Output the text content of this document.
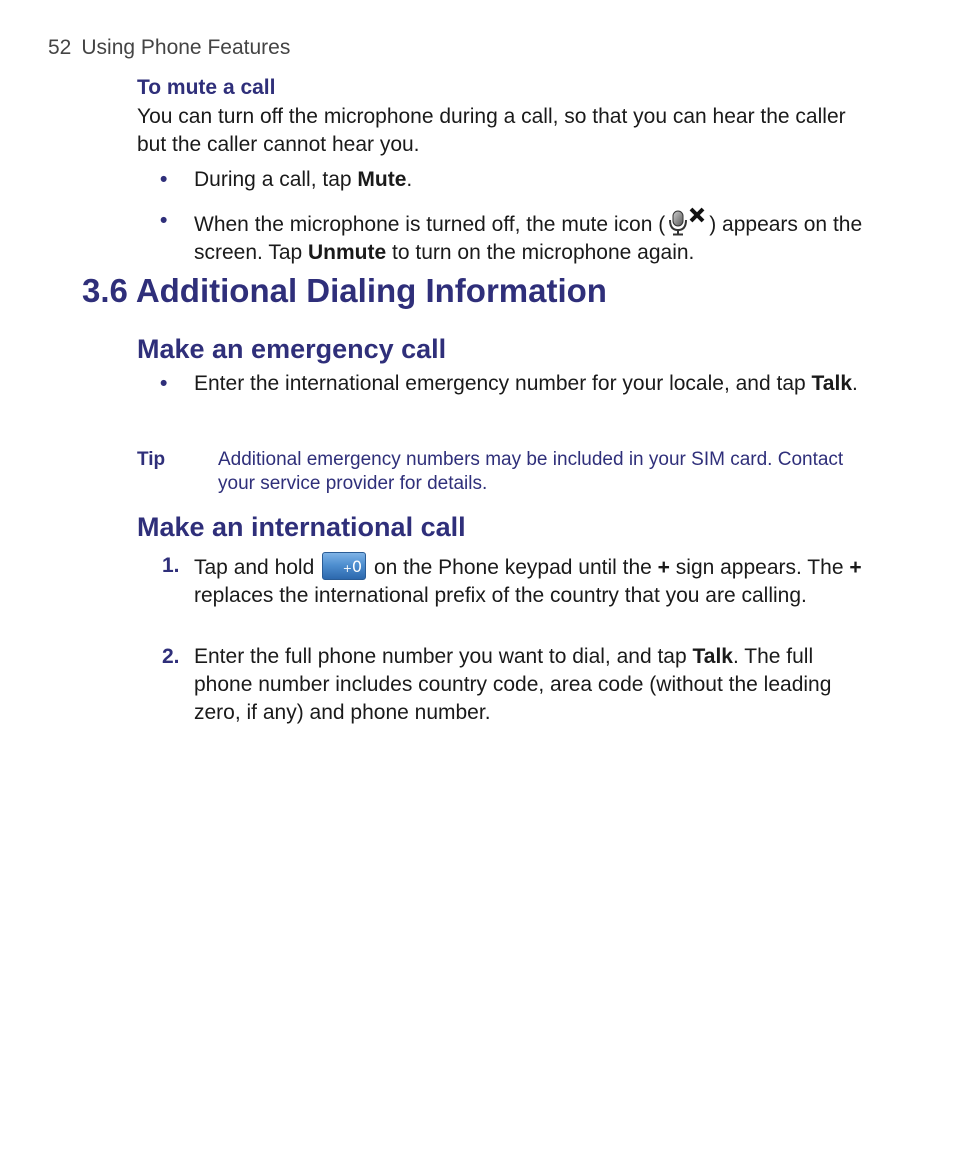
52 Using Phone Features
To mute a call
You can turn off the microphone during a call, so that you can hear the caller but the caller cannot hear you.
• During a call, tap Mute.
• When the microphone is turned off, the mute icon ( ) appears on the screen. Tap Unmute to turn on the microphone again.
3.6 Additional Dialing Information
Make an emergency call
• Enter the international emergency number for your locale, and tap Talk.
Tip	Additional emergency numbers may be included in your SIM card. Contact your service provider for details.
Make an international call
1. Tap and hold +0 on the Phone keypad until the + sign appears. The + replaces the international prefix of the country that you are calling.
2. Enter the full phone number you want to dial, and tap Talk. The full phone number includes country code, area code (without the leading zero, if any) and phone number.
